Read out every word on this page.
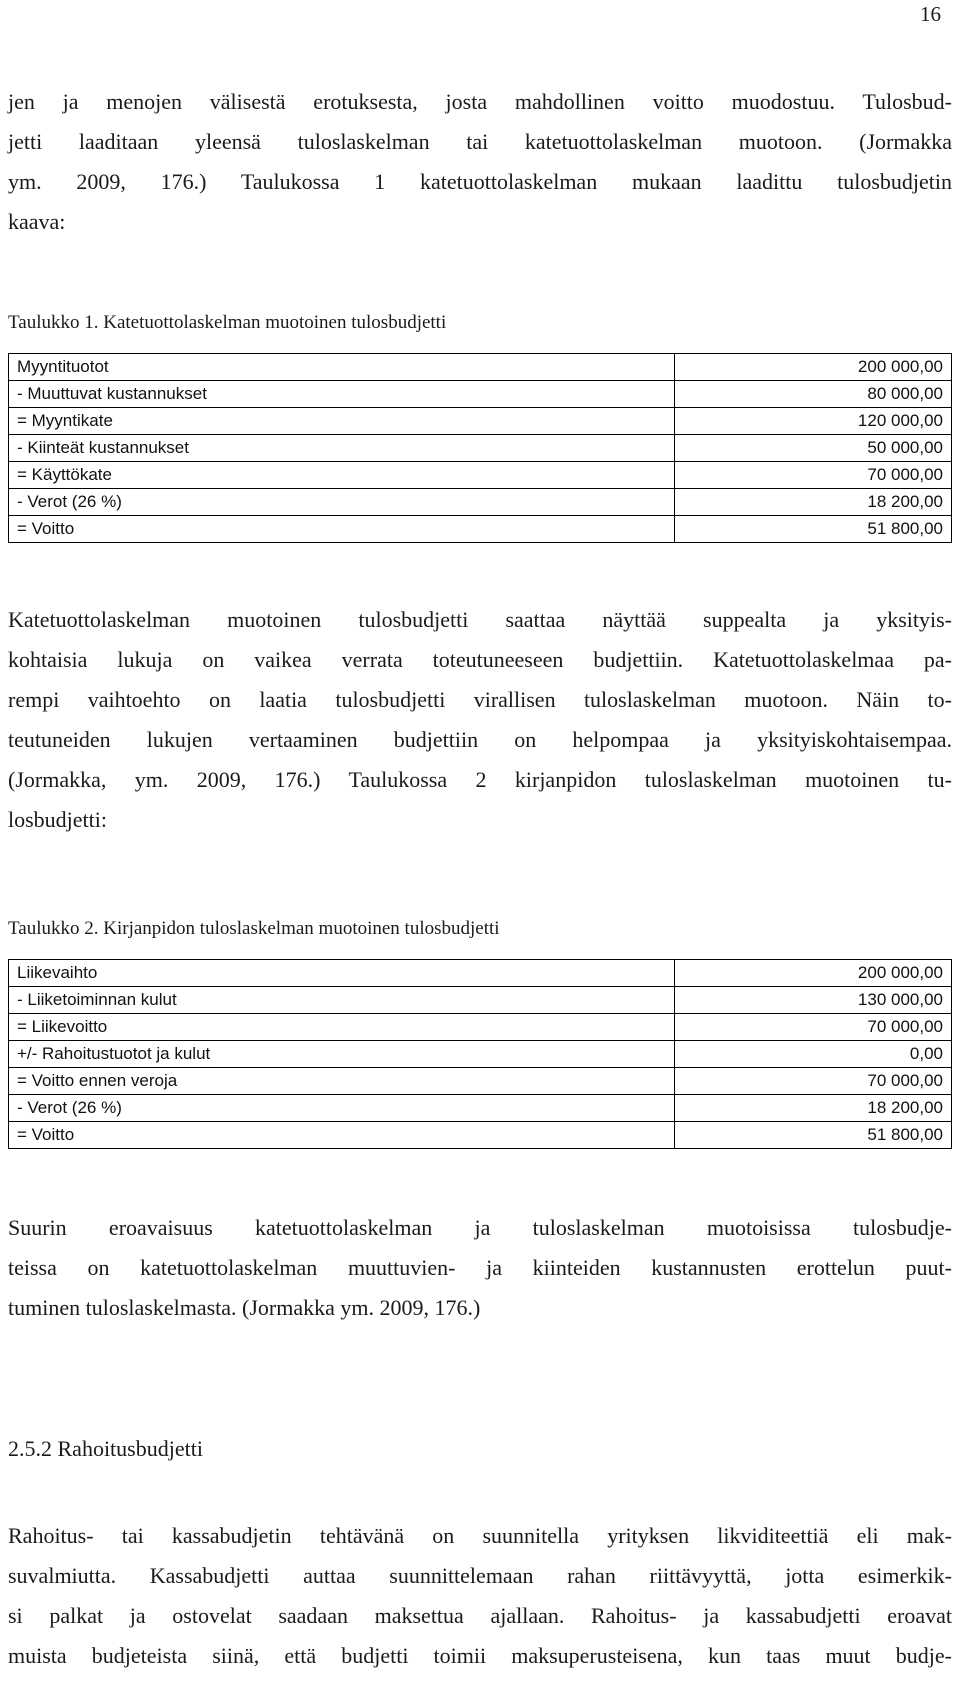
16

jen ja menojen välisestä erotuksesta, josta mahdollinen voitto muodostuu. Tulosbud-
jetti laaditaan yleensä tuloslaskelman tai katetuottolaskelman muotoon. (Jormakka
ym. 2009, 176.) Taulukossa 1 katetuottolaskelman mukaan laadittu tulosbudjetin
kaava:

Taulukko 1. Katetuottolaskelman muotoinen tulosbudjetti
Myyntituotot	200 000,00
- Muuttuvat kustannukset	80 000,00
= Myyntikate	120 000,00
- Kiinteät kustannukset	50 000,00
= Käyttökate	70 000,00
- Verot (26 %)	18 200,00
= Voitto	51 800,00

Katetuottolaskelman muotoinen tulosbudjetti saattaa näyttää suppealta ja yksityis-
kohtaisia lukuja on vaikea verrata toteutuneeseen budjettiin. Katetuottolaskelmaa pa-
rempi vaihtoehto on laatia tulosbudjetti virallisen tuloslaskelman muotoon. Näin to-
teutuneiden lukujen vertaaminen budjettiin on helpompaa ja yksityiskohtaisempaa.
(Jormakka, ym. 2009, 176.) Taulukossa 2 kirjanpidon tuloslaskelman muotoinen tu-
losbudjetti:

Taulukko 2. Kirjanpidon tuloslaskelman muotoinen tulosbudjetti
Liikevaihto	200 000,00
- Liiketoiminnan kulut	130 000,00
= Liikevoitto	70 000,00
+/- Rahoitustuotot ja kulut	0,00
= Voitto ennen veroja	70 000,00
- Verot (26 %)	18 200,00
= Voitto	51 800,00

Suurin eroavaisuus katetuottolaskelman ja tuloslaskelman muotoisissa tulosbudje-
teissa on katetuottolaskelman muuttuvien- ja kiinteiden kustannusten erottelun puut-
tuminen tuloslaskelmasta. (Jormakka ym. 2009, 176.)

2.5.2 Rahoitusbudjetti

Rahoitus- tai kassabudjetin tehtävänä on suunnitella yrityksen likviditeettiä eli mak-
suvalmiutta. Kassabudjetti auttaa suunnittelemaan rahan riittävyyttä, jotta esimerkik-
si palkat ja ostovelat saadaan maksettua ajallaan. Rahoitus- ja kassabudjetti eroavat
muista budjeteista siinä, että budjetti toimii maksuperusteisena, kun taas muut budje-
